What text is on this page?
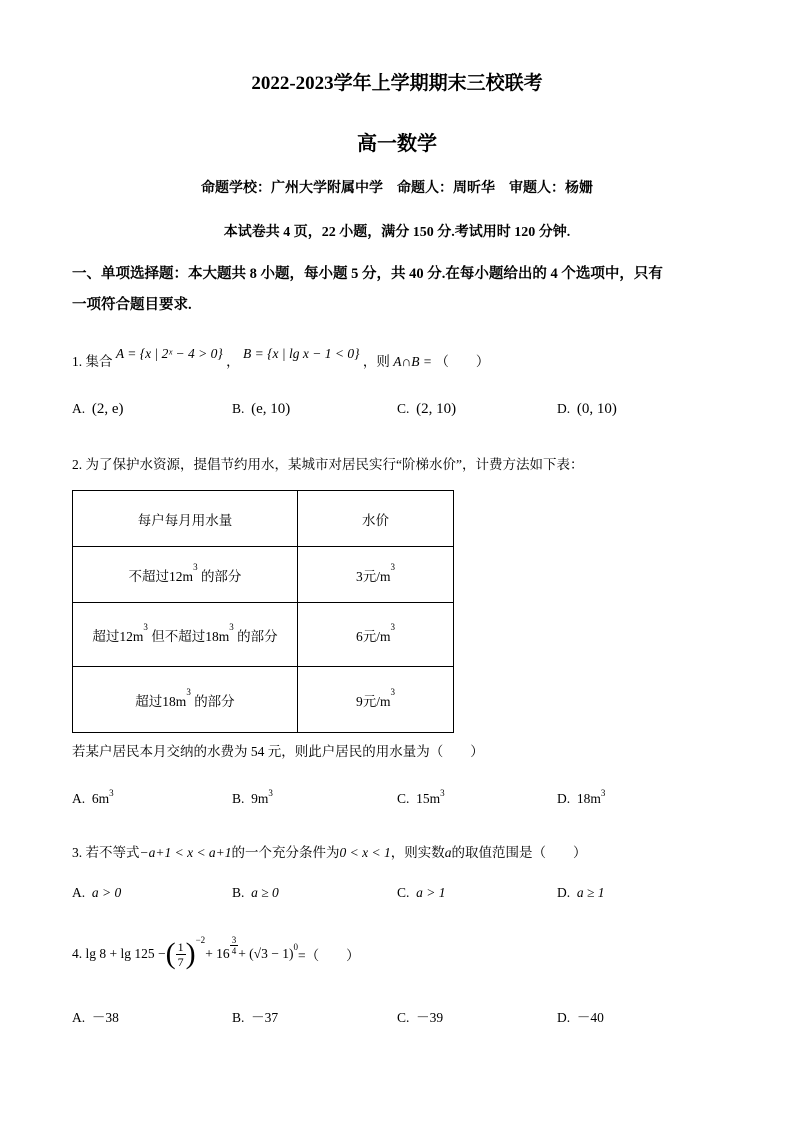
2022-2023学年上学期期末三校联考
高一数学
命题学校：广州大学附属中学　命题人：周昕华　审题人：杨姗
本试卷共 4 页，22 小题，满分 150 分.考试用时 120 分钟.
一、单项选择题：本大题共 8 小题，每小题 5 分，共 40 分.在每小题给出的 4 个选项中，只有
一项符合题目要求.
1. 集合 A = {x | 2ˣ − 4 > 0} ， B = {x | lg x − 1 < 0} ，则 A∩B = （　　）
A. (2, e)	B. (e, 10)	C. (2, 10)	D. (0, 10)
2. 为了保护水资源，提倡节约用水，某城市对居民实行“阶梯水价”，计费方法如下表：
每户每月用水量	水价
不超过$12m^3$ 的部分	3元$/m^3$
超过$12m^3$ 但不超过$18m^3$ 的部分	6元$/m^3$
超过$18m^3$ 的部分	9元$/m^3$
若某户居民本月交纳的水费为 54 元，则此户居民的用水量为（　　）
A. $6m^3$	B. $9m^3$	C. $15m^3$	D. $18m^3$
3. 若不等式−a+1 < x < a+1的一个充分条件为0 < x < 1，则实数a的取值范围是（　　）
A. a > 0	B. a ≥ 0	C. a > 1	D. a ≥ 1
4.
lg 8 + lg 125 − ( $\frac{1}{7} )^{-2}$
+ $16 \frac{3}{4} + (√3 - 1)^0$
=（　　）
A. －38	B. －37	C. －39	D. －40
